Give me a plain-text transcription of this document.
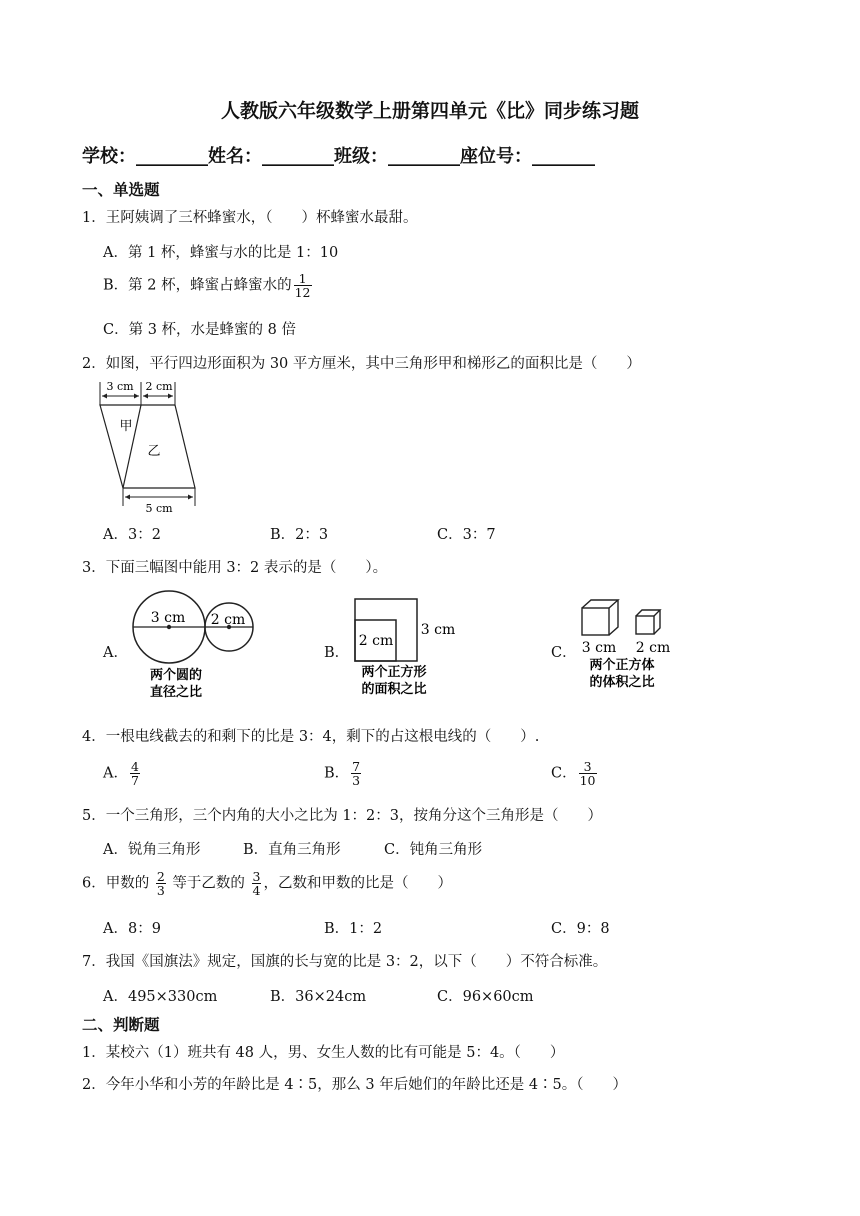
人教版六年级数学上册第四单元《比》同步练习题
学校：________姓名：________班级：________座位号：_______
一、单选题
1．王阿姨调了三杯蜂蜜水，（　　）杯蜂蜜水最甜。
A．第 1 杯，蜂蜜与水的比是 1：10
B．第 2 杯，蜂蜜占蜂蜜水的 $\frac{1}{12}$
C．第 3 杯，水是蜂蜜的 8 倍
2．如图，平行四边形面积为 30 平方厘米，其中三角形甲和梯形乙的面积比是（　　）
3 cm 2 cm
甲
乙
5 cm
A．3：2	B．2：3	C．3：7
3．下面三幅图中能用 3：2 表示的是（　　）。
A．
3 cm 2 cm
两个圆的
直径之比
B．
2 cm
3 cm
两个正方形
的面积之比
C． 3 cm 2 cm
两个正方体
的体积之比
4．一根电线截去的和剩下的比是 3：4，剩下的占这根电线的（　　）.
A． $\frac{4}{7}$	B． $\frac{7}{3}$	C． $\frac{3}{10}$
5．一个三角形，三个内角的大小之比为 1：2：3，按角分这个三角形是（　　）
A．锐角三角形	B．直角三角形	C．钝角三角形
6．甲数的 $\frac{2}{3}$ 等于乙数的 $\frac{3}{4}$ ，乙数和甲数的比是（　　）
A．8：9	B．1：2	C．9：8
7．我国《国旗法》规定，国旗的长与宽的比是 3：2，以下（　　）不符合标准。
A．495×330cm	B．36×24cm	C．96×60cm
二、判断题
1．某校六（1）班共有 48 人，男、女生人数的比有可能是 5：4。（　　）
2．今年小华和小芳的年龄比是 4∶5，那么 3 年后她们的年龄比还是 4∶5。（　　）
